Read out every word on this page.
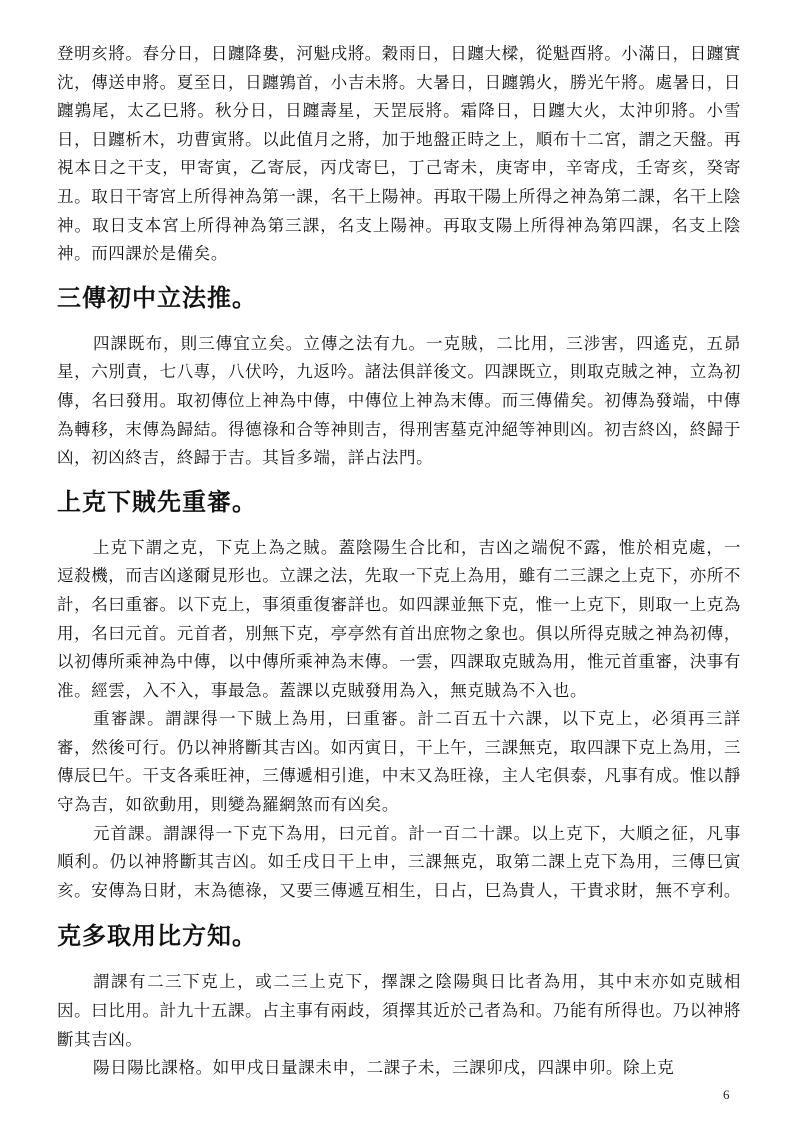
登明亥將。春分日，日躔降婁，河魁戌將。穀雨日，日躔大樑，從魁酉將。小滿日，日躔實沈，傳送申將。夏至日，日躔鶉首，小吉未將。大暑日，日躔鶉火，勝光午將。處暑日，日躔鶉尾，太乙巳將。秋分日，日躔壽星，天罡辰將。霜降日，日躔大火，太沖卯將。小雪日，日躔析木，功曹寅將。以此值月之將，加于地盤正時之上，順布十二宮，謂之天盤。再視本日之干支，甲寄寅，乙寄辰，丙戊寄巳，丁己寄未，庚寄申，辛寄戌，壬寄亥，癸寄丑。取日干寄宮上所得神為第一課，名干上陽神。再取干陽上所得之神為第二課，名干上陰神。取日支本宮上所得神為第三課，名支上陽神。再取支陽上所得神為第四課，名支上陰神。而四課於是備矣。

三傳初中立法推。

四課既布，則三傳宜立矣。立傳之法有九。一克賊，二比用，三涉害，四遙克，五昴星，六別責，七八專，八伏吟，九返吟。諸法俱詳後文。四課既立，則取克賊之神，立為初傳，名曰發用。取初傳位上神為中傳，中傳位上神為末傳。而三傳備矣。初傳為發端，中傳為轉移，末傳為歸結。得德祿和合等神則吉，得刑害墓克沖絕等神則凶。初吉終凶，終歸于凶，初凶終吉，終歸于吉。其旨多端，詳占法門。

上克下賊先重審。

上克下謂之克，下克上為之賊。蓋陰陽生合比和，吉凶之端倪不露，惟於相克處，一逗殺機，而吉凶遂爾見形也。立課之法，先取一下克上為用，雖有二三課之上克下，亦所不計，名曰重審。以下克上，事須重復審詳也。如四課並無下克，惟一上克下，則取一上克為用，名曰元首。元首者，別無下克，亭亭然有首出庶物之象也。俱以所得克賊之神為初傳，以初傳所乘神為中傳，以中傳所乘神為末傳。一雲，四課取克賊為用，惟元首重審，決事有准。經雲，入不入，事最急。蓋課以克賊發用為入，無克賊為不入也。

重審課。謂課得一下賊上為用，曰重審。計二百五十六課，以下克上，必須再三詳審，然後可行。仍以神將斷其吉凶。如丙寅日，干上午，三課無克，取四課下克上為用，三傳辰巳午。干支各乘旺神，三傳遞相引進，中末又為旺祿，主人宅俱泰，凡事有成。惟以靜守為吉，如欲動用，則變為羅網煞而有凶矣。

元首課。謂課得一下克下為用，曰元首。計一百二十課。以上克下，大順之征，凡事順利。仍以神將斷其吉凶。如壬戌日干上申，三課無克，取第二課上克下為用，三傳巳寅亥。安傳為日財，末為德祿，又要三傳遞互相生，日占，巳為貴人，干貴求財，無不亨利。

克多取用比方知。

謂課有二三下克上，或二三上克下，擇課之陰陽與日比者為用，其中末亦如克賊相因。曰比用。計九十五課。占主事有兩歧，須擇其近於己者為和。乃能有所得也。乃以神將斷其吉凶。

陽日陽比課格。如甲戌日量課未申，二課子未，三課卯戌，四課申卯。除上克

6
